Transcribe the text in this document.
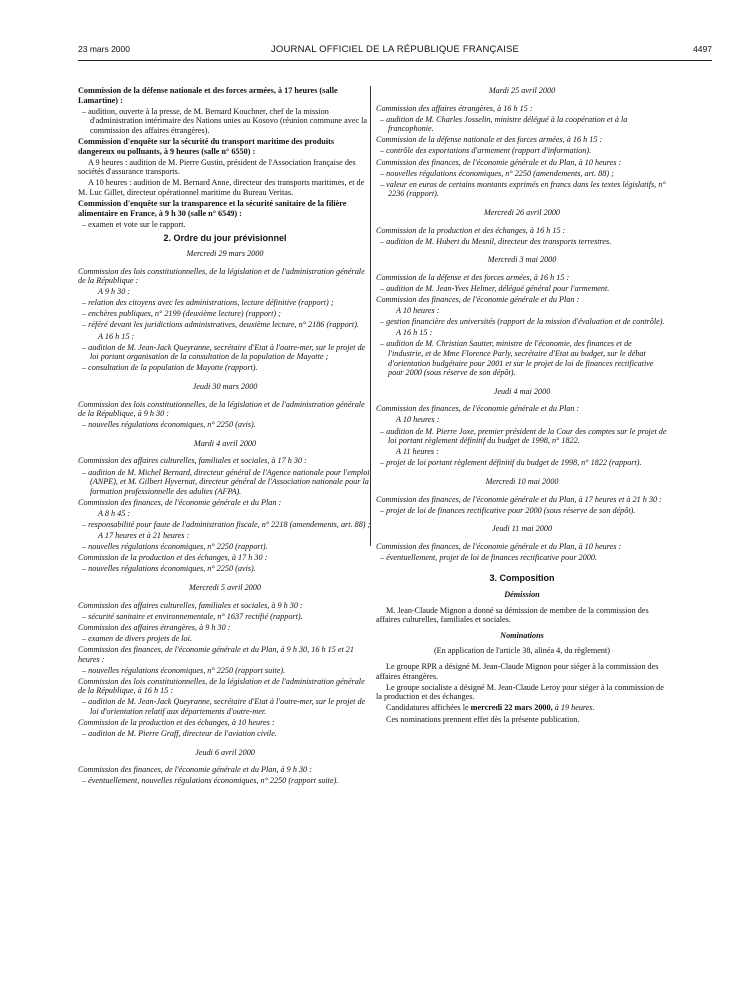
23 mars 2000	JOURNAL OFFICIEL DE LA RÉPUBLIQUE FRANÇAISE	4497

Commission de la défense nationale et des forces armées, à 17 heures (salle Lamartine) :

– audition, ouverte à la presse, de M. Bernard Kouchner, chef de la mission d'administration intérimaire des Nations unies au Kosovo (réunion commune avec la commission des affaires étrangères).

Commission d'enquête sur la sécurité du transport maritime des produits dangereux ou polluants, à 9 heures (salle n° 6550) :

A 9 heures : audition de M. Pierre Gustin, président de l'Association française des sociétés d'assurance transports.

A 10 heures : audition de M. Bernard Anne, directeur des transports maritimes, et de M. Luc Gillet, directeur opérationnel maritime du Bureau Veritas.

Commission d'enquête sur la transparence et la sécurité sanitaire de la filière alimentaire en France, à 9 h 30 (salle n° 6549) :

– examen et vote sur le rapport.

2. Ordre du jour prévisionnel

Mercredi 29 mars 2000

Commission des lois constitutionnelles, de la législation et de l'administration générale de la République :

A 9 h 30 :

– relation des citoyens avec les administrations, lecture définitive (rapport) ;

– enchères publiques, n° 2199 (deuxième lecture) (rapport) ;

– référé devant les juridictions administratives, deuxième lecture, n° 2186 (rapport).

A 16 h 15 :

– audition de M. Jean-Jack Queyranne, secrétaire d'Etat à l'outre-mer, sur le projet de loi portant organisation de la consultation de la population de Mayotte ;

– consultation de la population de Mayotte (rapport).

Jeudi 30 mars 2000

Commission des lois constitutionnelles, de la législation et de l'administration générale de la République, à 9 h 30 :

– nouvelles régulations économiques, n° 2250 (avis).

Mardi 4 avril 2000

Commission des affaires culturelles, familiales et sociales, à 17 h 30 :

– audition de M. Michel Bernard, directeur général de l'Agence nationale pour l'emploi (ANPE), et M. Gilbert Hyvernat, directeur général de l'Association nationale pour la formation professionnelle des adultes (AFPA).

Commission des finances, de l'économie générale et du Plan :

A 8 h 45 :

– responsabilité pour faute de l'administration fiscale, n° 2218 (amendements, art. 88) ;

A 17 heures et à 21 heures :

– nouvelles régulations économiques, n° 2250 (rapport).

Commission de la production et des échanges, à 17 h 30 :

– nouvelles régulations économiques, n° 2250 (avis).

Mercredi 5 avril 2000

Commission des affaires culturelles, familiales et sociales, à 9 h 30 :

– sécurité sanitaire et environnementale, n° 1637 rectifié (rapport).

Commission des affaires étrangères, à 9 h 30 :

– examen de divers projets de loi.

Commission des finances, de l'économie générale et du Plan, à 9 h 30, 16 h 15 et 21 heures :

– nouvelles régulations économiques, n° 2250 (rapport suite).

Commission des lois constitutionnelles, de la législation et de l'administration générale de la République, à 16 h 15 :

– audition de M. Jean-Jack Queyranne, secrétaire d'Etat à l'outre-mer, sur le projet de loi d'orientation relatif aux départements d'outre-mer.

Commission de la production et des échanges, à 10 heures :

– audition de M. Pierre Graff, directeur de l'aviation civile.

Jeudi 6 avril 2000

Commission des finances, de l'économie générale et du Plan, à 9 h 30 :

– éventuellement, nouvelles régulations économiques, n° 2250 (rapport suite).

Mardi 25 avril 2000

Commission des affaires étrangères, à 16 h 15 :

– audition de M. Charles Josselin, ministre délégué à la coopération et à la francophonie.

Commission de la défense nationale et des forces armées, à 16 h 15 :

– contrôle des exportations d'armement (rapport d'information).

Commission des finances, de l'économie générale et du Plan, à 10 heures :

– nouvelles régulations économiques, n° 2250 (amendements, art. 88) ;

– valeur en euros de certains montants exprimés en francs dans les textes législatifs, n° 2236 (rapport).

Mercredi 26 avril 2000

Commission de la production et des échanges, à 16 h 15 :

– audition de M. Hubert du Mesnil, directeur des transports terrestres.

Mercredi 3 mai 2000

Commission de la défense et des forces armées, à 16 h 15 :

– audition de M. Jean-Yves Helmer, délégué général pour l'armement.

Commission des finances, de l'économie générale et du Plan :

A 10 heures :

– gestion financière des universités (rapport de la mission d'évaluation et de contrôle).

A 16 h 15 :

– audition de M. Christian Sautter, ministre de l'économie, des finances et de l'industrie, et de Mme Florence Parly, secrétaire d'Etat au budget, sur le débat d'orientation budgétaire pour 2001 et sur le projet de loi de finances rectificative pour 2000 (sous réserve de son dépôt).

Jeudi 4 mai 2000

Commission des finances, de l'économie générale et du Plan :

A 10 heures :

– audition de M. Pierre Joxe, premier président de la Cour des comptes sur le projet de loi portant règlement définitif du budget de 1998, n° 1822.

A 11 heures :

– projet de loi portant règlement définitif du budget de 1998, n° 1822 (rapport).

Mercredi 10 mai 2000

Commission des finances, de l'économie générale et du Plan, à 17 heures et à 21 h 30 :

– projet de loi de finances rectificative pour 2000 (sous réserve de son dépôt).

Jeudi 11 mai 2000

Commission des finances, de l'économie générale et du Plan, à 10 heures :

– éventuellement, projet de loi de finances rectificative pour 2000.

3. Composition

Démission

M. Jean-Claude Mignon a donné sa démission de membre de la commission des affaires culturelles, familiales et sociales.

Nominations

(En application de l'article 38, alinéa 4, du règlement)

Le groupe RPR a désigné M. Jean-Claude Mignon pour siéger à la commission des affaires étrangères.

Le groupe socialiste a désigné M. Jean-Claude Leroy pour siéger à la commission de la production et des échanges.

Candidatures affichées le mercredi 22 mars 2000, à 19 heures.

Ces nominations prennent effet dès la présente publication.
